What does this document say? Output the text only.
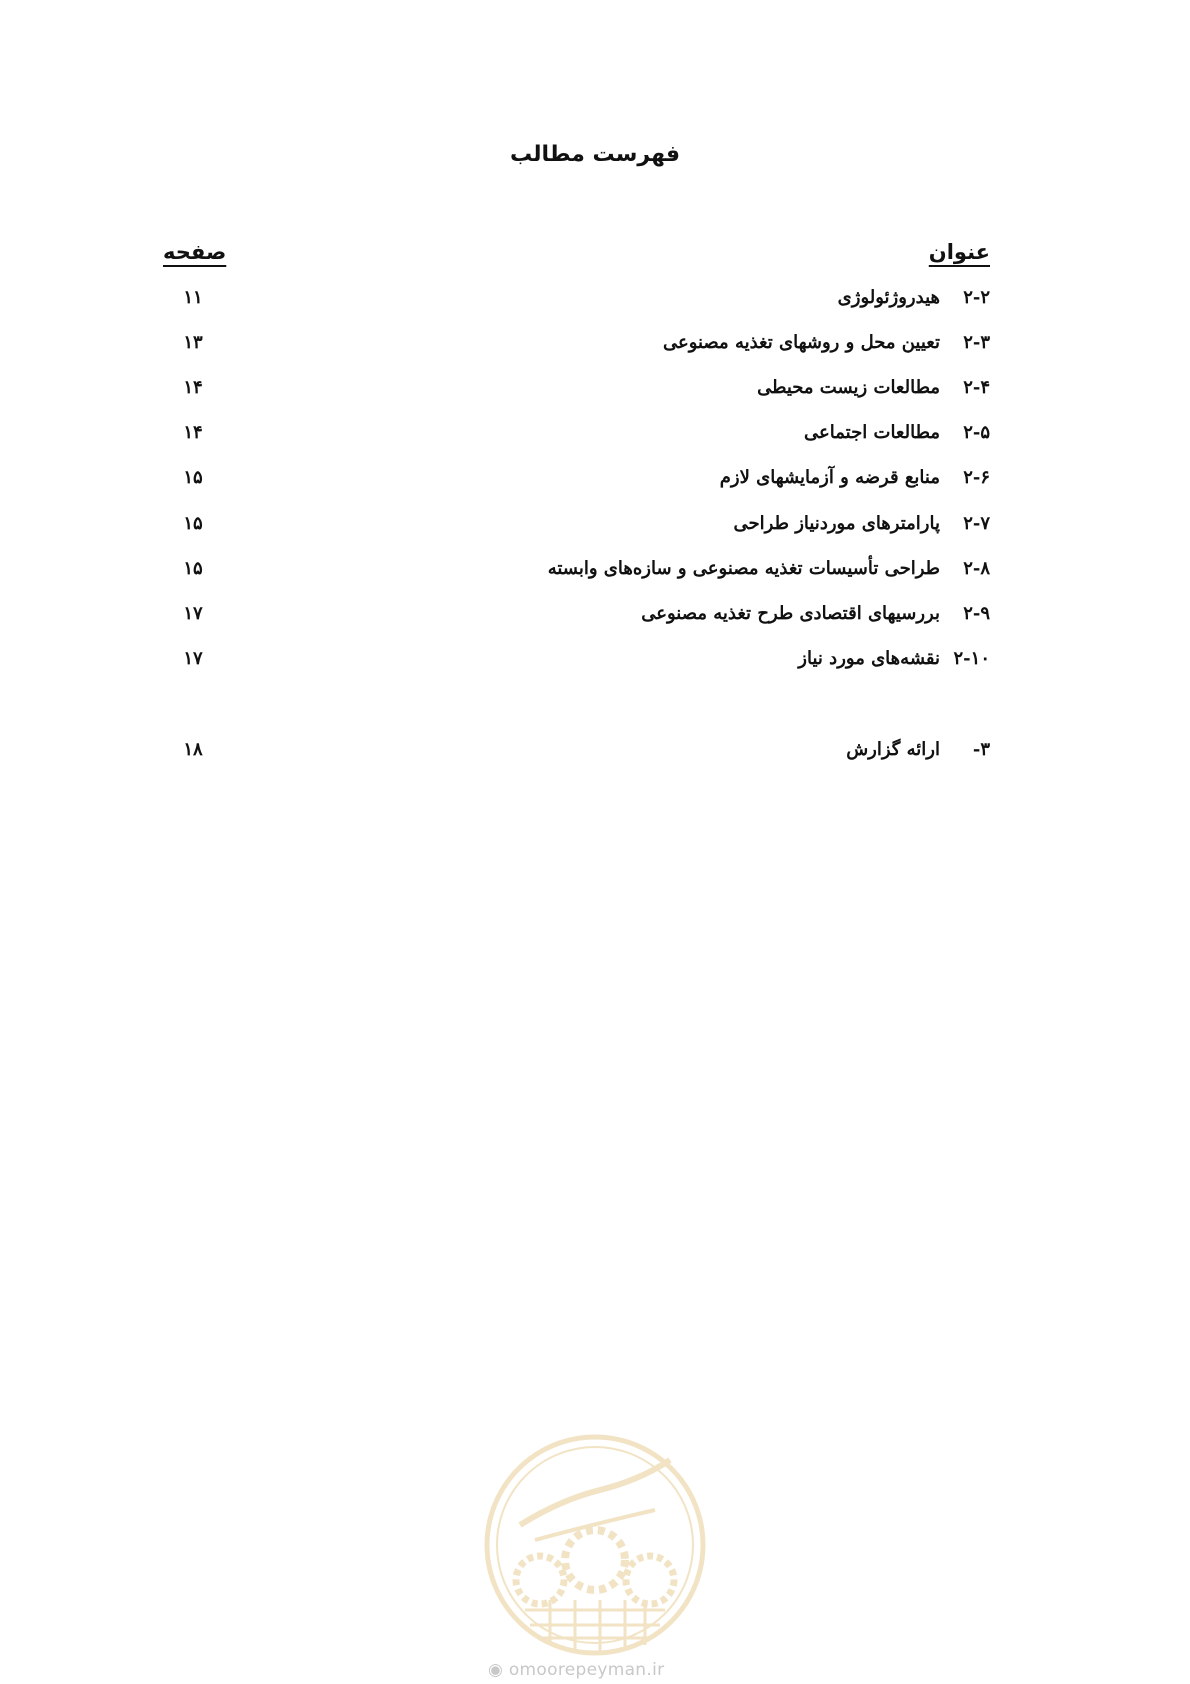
فهرست مطالب
عنوان
صفحه
۲-۲
هیدروژئولوژی
۱۱
۲-۳
تعیین محل و روشهای تغذیه مصنوعی
۱۳
۲-۴
مطالعات زیست محیطی
۱۴
۲-۵
مطالعات اجتماعی
۱۴
۲-۶
منابع قرضه و آزمایشهای لازم
۱۵
۲-۷
پارامترهای موردنیاز طراحی
۱۵
۲-۸
طراحی تأسیسات تغذیه مصنوعی و سازه‌های وابسته
۱۵
۲-۹
بررسیهای اقتصادی طرح تغذیه مصنوعی
۱۷
۲-۱۰
نقشه‌های مورد نیاز
۱۷
۳-
ارائه گزارش
۱۸
◉ omoorepeyman.ir
